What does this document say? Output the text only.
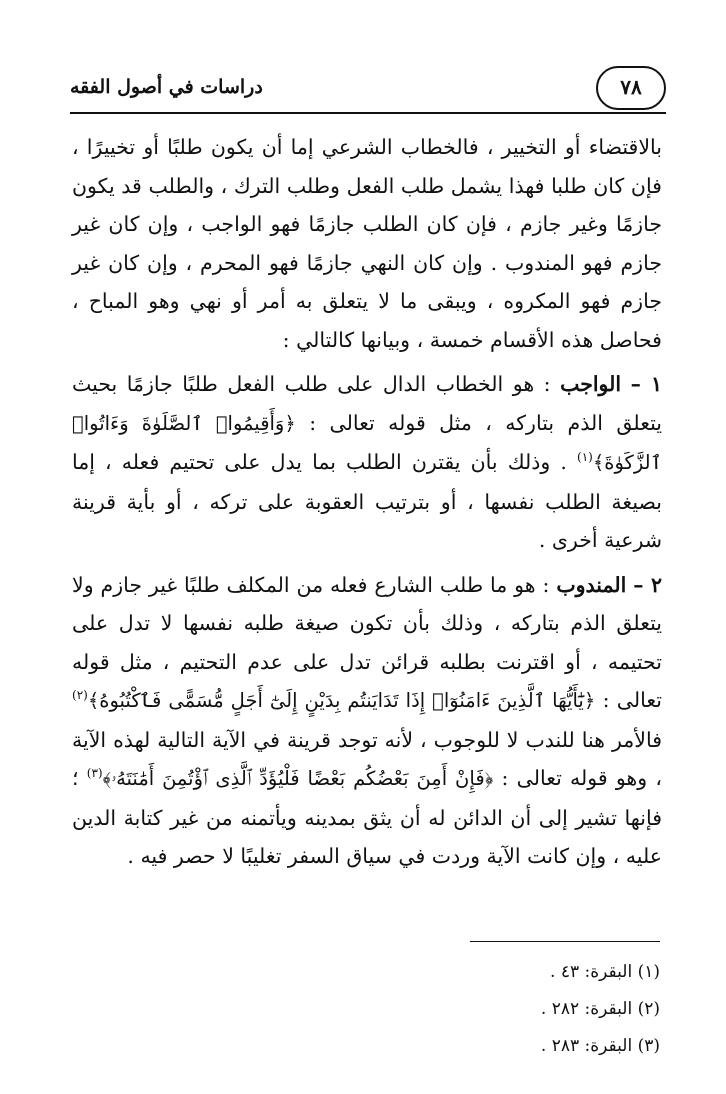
٧٨
دراسات في أصول الفقه

بالاقتضاء أو التخيير ، فالخطاب الشرعي إما أن يكون طلبًا أو تخييرًا ، فإن كان طلبا فهذا يشمل طلب الفعل وطلب الترك ، والطلب قد يكون جازمًا وغير جازم ، فإن كان الطلب جازمًا فهو الواجب ، وإن كان غير جازم فهو المندوب . وإن كان النهي جازمًا فهو المحرم ، وإن كان غير جازم فهو المكروه ، ويبقى ما لا يتعلق به أمر أو نهي وهو المباح ، فحاصل هذه الأقسام خمسة ، وبيانها كالتالي :

١ – الواجب : هو الخطاب الدال على طلب الفعل طلبًا جازمًا بحيث يتعلق الذم بتاركه ، مثل قوله تعالى : ﴿وَأَقِيمُوا۟ ٱلصَّلَوٰةَ وَءَاتُوا۟ ٱلزَّكَوٰةَ﴾$^{(١)}$ . وذلك بأن يقترن الطلب بما يدل على تحتيم فعله ، إما بصيغة الطلب نفسها ، أو بترتيب العقوبة على تركه ، أو بأية قرينة شرعية أخرى .

٢ – المندوب : هو ما طلب الشارع فعله من المكلف طلبًا غير جازم ولا يتعلق الذم بتاركه ، وذلك بأن تكون صيغة طلبه نفسها لا تدل على تحتيمه ، أو اقترنت بطلبه قرائن تدل على عدم التحتيم ، مثل قوله تعالى : ﴿يَٰٓأَيُّهَا ٱلَّذِينَ ءَامَنُوٓا۟ إِذَا تَدَايَنتُم بِدَيْنٍ إِلَىٰٓ أَجَلٍ مُّسَمًّى فَٱكْتُبُوهُ﴾$^{(٢)}$ فالأمر هنا للندب لا للوجوب ، لأنه توجد قرينة في الآية التالية لهذه الآية ، وهو قوله تعالى : ﴿فَإِنْ أَمِنَ بَعْضُكُم بَعْضًا فَلْيُؤَدِّ ٱلَّذِى ٱؤْتُمِنَ أَمَٰنَتَهُۥ﴾$^{(٣)}$ ؛ فإنها تشير إلى أن الدائن له أن يثق بمدينه ويأتمنه من غير كتابة الدين عليه ، وإن كانت الآية وردت في سياق السفر تغليبًا لا حصر فيه .

(١) البقرة: ٤٣ .
(٢) البقرة: ٢٨٢ .
(٣) البقرة: ٢٨٣ .
